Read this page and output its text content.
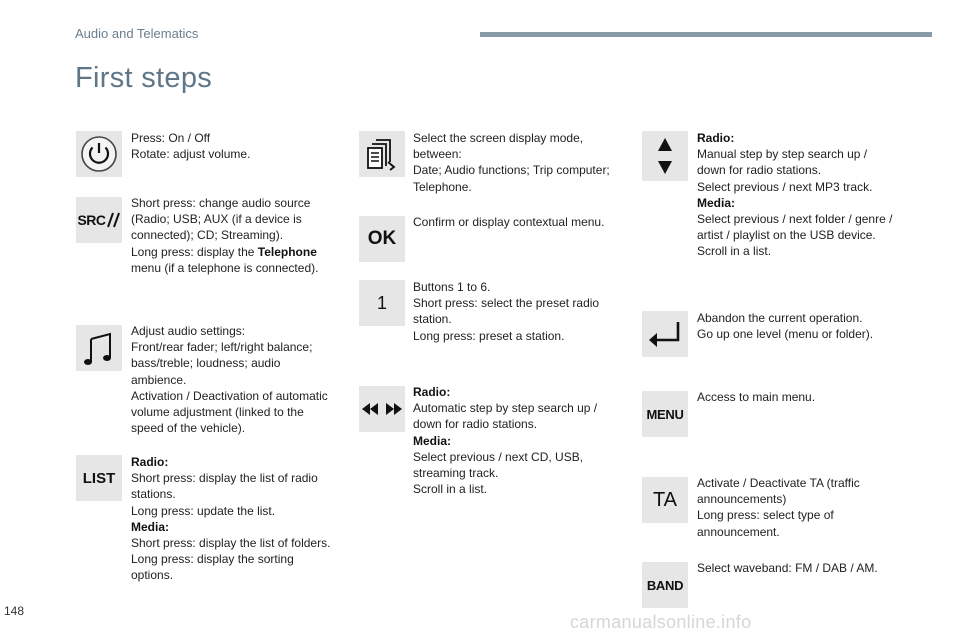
Audio and Telematics
First steps
Press: On / Off
Rotate: adjust volume.
SRC
Short press: change audio source
(Radio; USB; AUX (if a device is
connected); CD; Streaming).
Long press: display the Telephone
menu (if a telephone is connected).
Adjust audio settings:
Front/rear fader; left/right balance;
bass/treble; loudness; audio
ambience.
Activation / Deactivation of automatic
volume adjustment (linked to the
speed of the vehicle).
LIST
Radio:
Short press: display the list of radio
stations.
Long press: update the list.
Media:
Short press: display the list of folders.
Long press: display the sorting
options.
Select the screen display mode,
between:
Date; Audio functions; Trip computer;
Telephone.
OK
Confirm or display contextual menu.
1
Buttons 1 to 6.
Short press: select the preset radio
station.
Long press: preset a station.
Radio:
Automatic step by step search up /
down for radio stations.
Media:
Select previous / next CD, USB,
streaming track.
Scroll in a list.
Radio:
Manual step by step search up /
down for radio stations.
Select previous / next MP3 track.
Media:
Select previous / next folder / genre /
artist / playlist on the USB device.
Scroll in a list.
Abandon the current operation.
Go up one level (menu or folder).
MENU
Access to main menu.
TA
Activate / Deactivate TA (traffic
announcements)
Long press: select type of
announcement.
BAND
Select waveband: FM / DAB / AM.
148
carmanualsonline.info
